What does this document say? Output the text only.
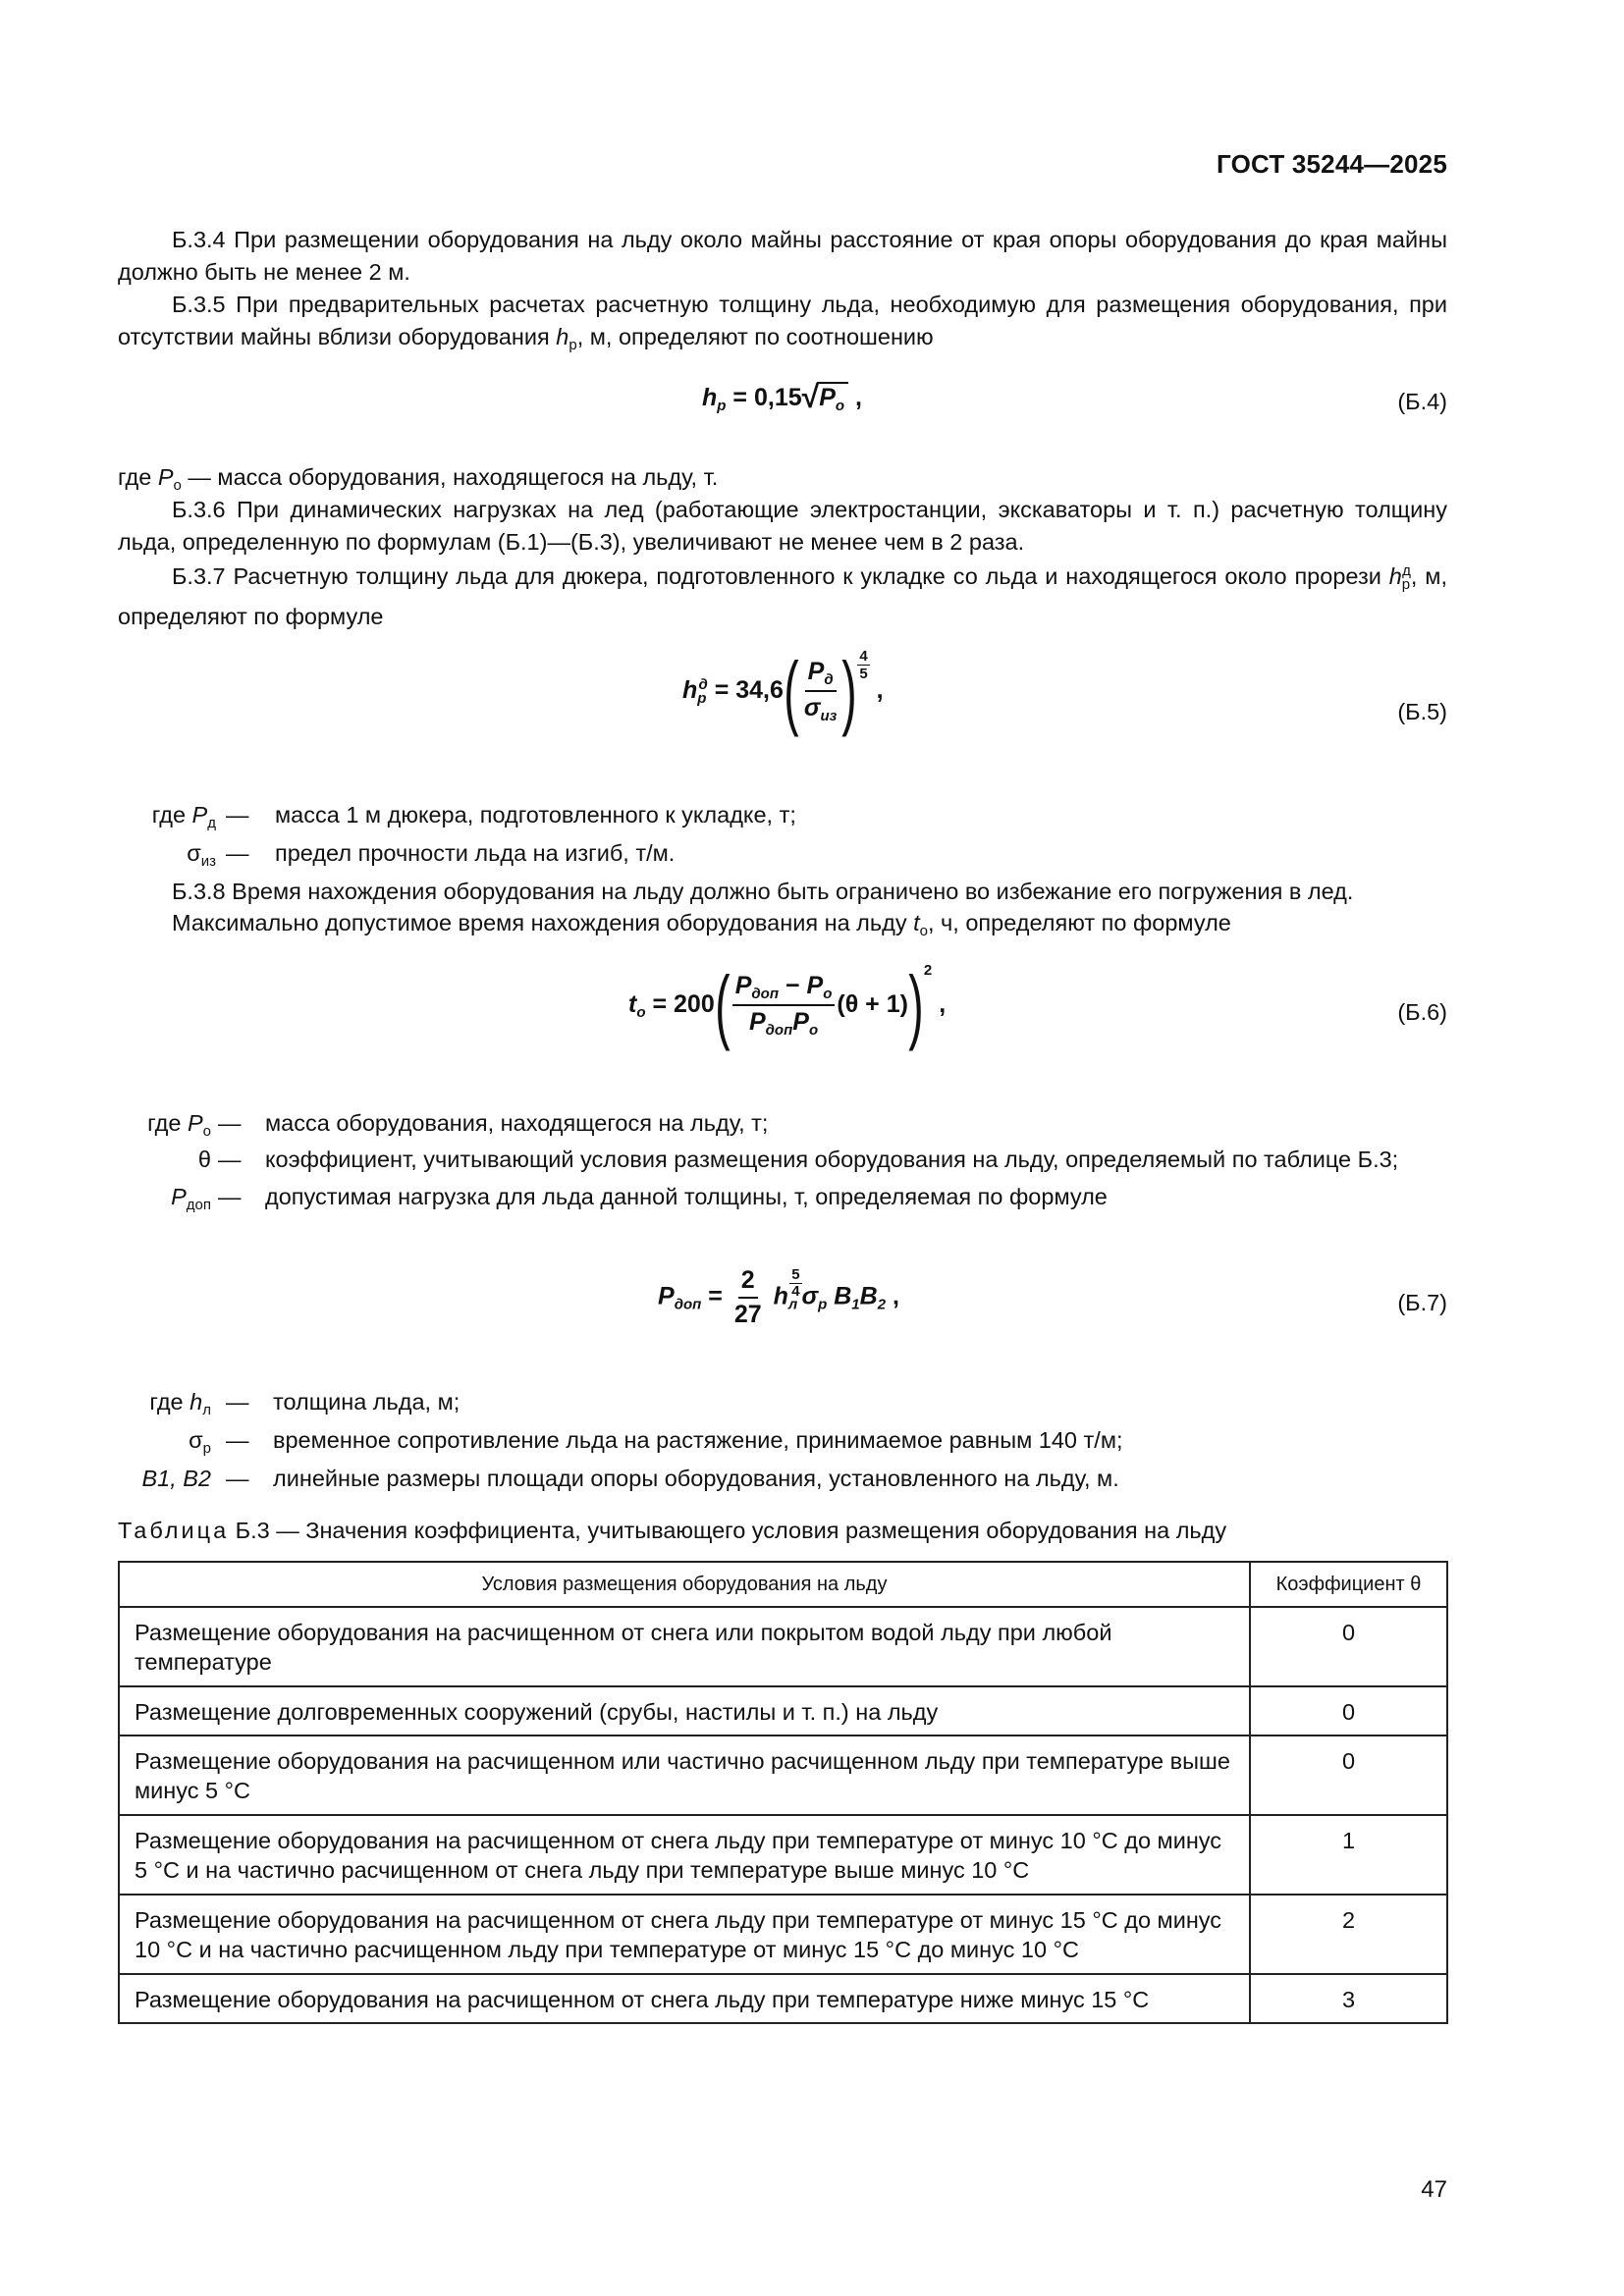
ГОСТ 35244—2025
Б.3.4 При размещении оборудования на льду около майны расстояние от края опоры оборудования до края майны должно быть не менее 2 м.
Б.3.5 При предварительных расчетах расчетную толщину льда, необходимую для размещения оборудования, при отсутствии майны вблизи оборудования $h_р$, м, определяют по соотношению
$h_р = 0,15√P_о$ ,	(Б.4)
где $P_о$ — масса оборудования, находящегося на льду, т.
Б.3.6 При динамических нагрузках на лед (работающие электростанции, экскаваторы и т. п.) расчетную толщину льда, определенную по формулам (Б.1)—(Б.3), увеличивают не менее чем в 2 раза.
Б.3.7 Расчетную толщину льда для дюкера, подготовленного к укладке со льда и находящегося около прорези $h_р^д$, м, определяют по формуле
$h_р^д = 34,6( \frac{P_д}{\sigma_{из}}$ ) $\frac{4}{5}$
,
(Б.5)
где $P_д$ — масса 1 м дюкера, подготовленного к укладке, т;
$\sigma_{из}$ — предел прочности льда на изгиб, т/м.
Б.3.8 Время нахождения оборудования на льду должно быть ограничено во избежание его погружения в лед.
Максимально допустимое время нахождения оборудования на льду $t_о$, ч, определяют по формуле
$t_о = 200( \frac{P_{доп} - P_о}{P_{доп}P_о} (\theta + 1))^2$ ,	(Б.6)
где $P_о$ — масса оборудования, находящегося на льду, т;
θ — коэффициент, учитывающий условия размещения оборудования на льду, определяемый по таблице Б.3;
$P_{доп}$ — допустимая нагрузка для льда данной толщины, т, определяемая по формуле
$P_{доп} = \frac{2}{27} h_л$
$\frac{5}{4} \sigma_р$ $B_1B_2$ ,	(Б.7)
где $h_л$ — толщина льда, м;
$\sigma_р$ — временное сопротивление льда на растяжение, принимаемое равным 140 т/м;
B1, B2 — линейные размеры площади опоры оборудования, установленного на льду, м.
Таблица Б.3 — Значения коэффициента, учитывающего условия размещения оборудования на льду
Условия размещения оборудования на льду	Коэффициент θ
Размещение оборудования на расчищенном от снега или покрытом водой льду при любой температуре	0
Размещение долговременных сооружений (срубы, настилы и т. п.) на льду	0
Размещение оборудования на расчищенном или частично расчищенном льду при температуре выше минус 5 °С	0
Размещение оборудования на расчищенном от снега льду при температуре от минус 10 °С до минус 5 °С и на частично расчищенном от снега льду при температуре выше минус 10 °С	1
Размещение оборудования на расчищенном от снега льду при температуре от минус 15 °С до минус 10 °С и на частично расчищенном льду при температуре от минус 15 °С до минус 10 °С	2
Размещение оборудования на расчищенном от снега льду при температуре ниже минус 15 °С	3
47
